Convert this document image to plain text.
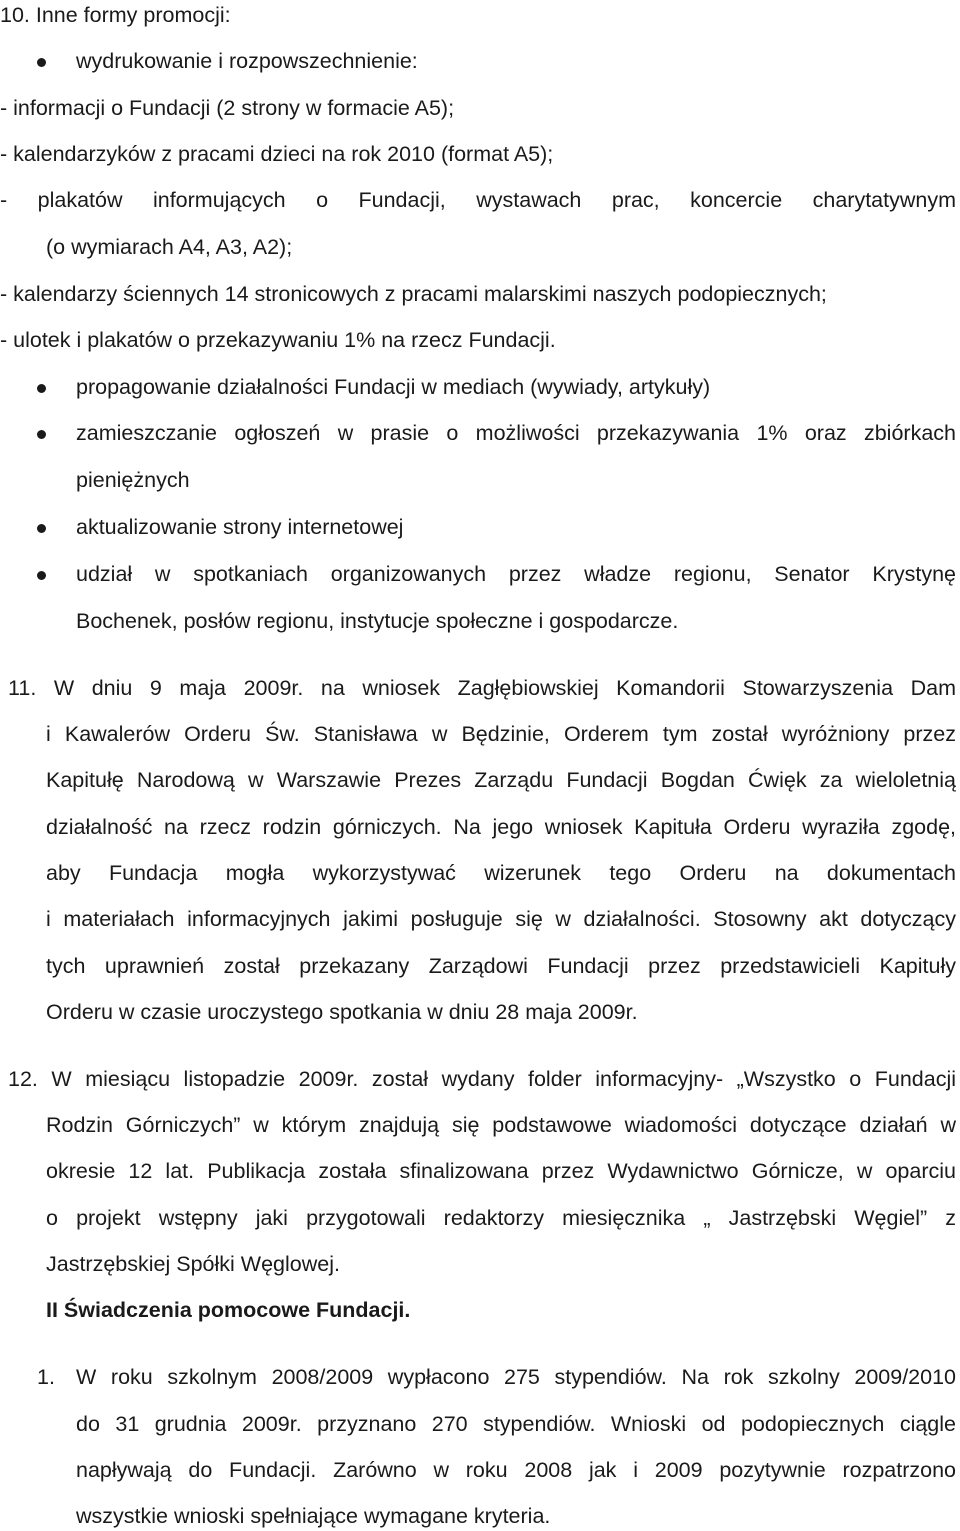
10. Inne formy promocji:
wydrukowanie i rozpowszechnienie:
- informacji o Fundacji (2 strony w formacie A5);
- kalendarzyków z pracami dzieci na rok 2010 (format A5);
- plakatów informujących o Fundacji, wystawach prac, koncercie charytatywnym
(o wymiarach A4, A3, A2);
- kalendarzy ściennych 14 stronicowych z pracami malarskimi naszych podopiecznych;
- ulotek i plakatów o przekazywaniu 1% na rzecz Fundacji.
propagowanie działalności Fundacji w mediach (wywiady, artykuły)
zamieszczanie ogłoszeń w prasie o możliwości przekazywania 1% oraz zbiórkach
pieniężnych
aktualizowanie strony internetowej
udział w spotkaniach organizowanych przez władze regionu, Senator Krystynę
Bochenek, posłów regionu, instytucje społeczne i gospodarcze.
11. W dniu 9 maja 2009r. na wniosek Zagłębiowskiej Komandorii Stowarzyszenia Dam
i Kawalerów Orderu Św. Stanisława w Będzinie, Orderem tym został wyróżniony przez
Kapitułę Narodową w Warszawie Prezes Zarządu Fundacji Bogdan Ćwięk za wieloletnią
działalność na rzecz rodzin górniczych. Na jego wniosek Kapituła Orderu wyraziła zgodę,
aby Fundacja mogła wykorzystywać wizerunek tego Orderu na dokumentach
i materiałach informacyjnych jakimi posługuje się w działalności. Stosowny akt dotyczący
tych uprawnień został przekazany Zarządowi Fundacji przez przedstawicieli Kapituły
Orderu w czasie uroczystego spotkania w dniu 28 maja 2009r.
12. W miesiącu listopadzie 2009r. został wydany folder informacyjny- „Wszystko o Fundacji
Rodzin Górniczych” w którym znajdują się podstawowe wiadomości dotyczące działań w
okresie 12 lat. Publikacja została sfinalizowana przez Wydawnictwo Górnicze, w oparciu
o projekt wstępny jaki przygotowali redaktorzy miesięcznika „ Jastrzębski Węgiel” z
Jastrzębskiej Spółki Węglowej.
II Świadczenia pomocowe Fundacji.
1. W roku szkolnym 2008/2009 wypłacono 275 stypendiów. Na rok szkolny 2009/2010
do 31 grudnia 2009r. przyznano 270 stypendiów. Wnioski od podopiecznych ciągle
napływają do Fundacji. Zarówno w roku 2008 jak i 2009 pozytywnie rozpatrzono
wszystkie wnioski spełniające wymagane kryteria.
